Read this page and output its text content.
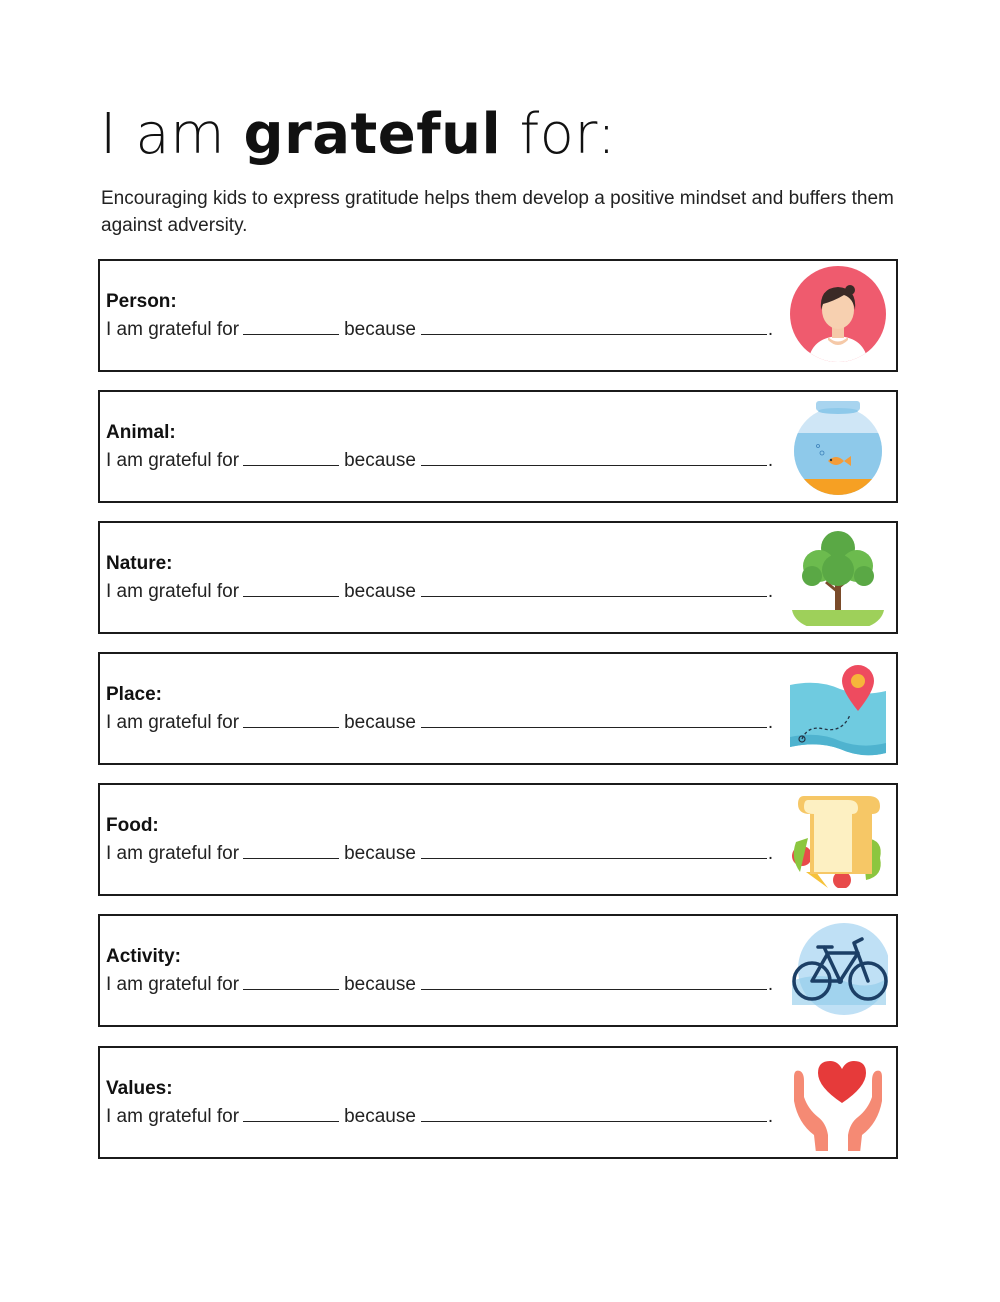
I am grateful for:

Encouraging kids to express gratitude helps them develop a positive mindset and buffers them against adversity.

Person:
I am grateful for	because	.
Animal:
I am grateful for	because	.
Nature:
I am grateful for	because	.
Place:
I am grateful for	because	.
Food:
I am grateful for	because	.
Activity:
I am grateful for	because	.
Values:
I am grateful for	because	.
